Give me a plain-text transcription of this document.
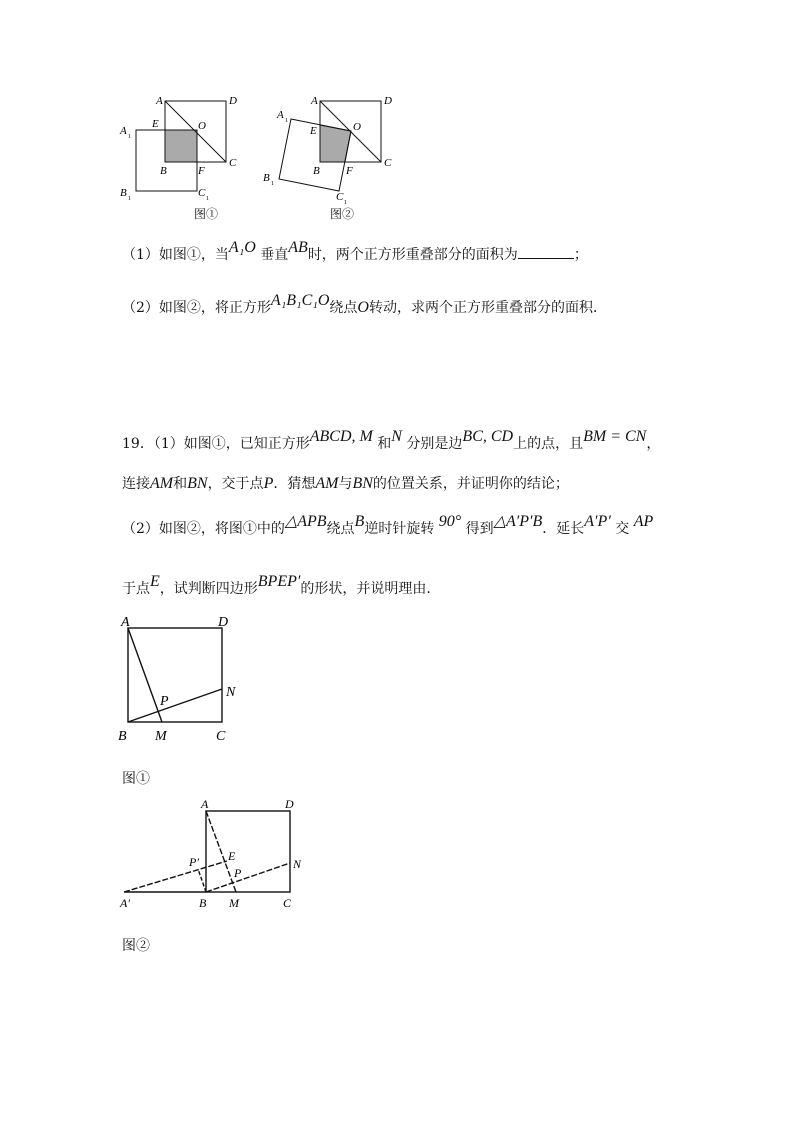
A	D
A 1
E	O
C
B	F
B 1	C 1
图①
A	D
A 1
E	O
C
B F
B 1
C 1
图②
（1）如图①，当A₁O 垂直AB时，两个正方形重叠部分的面积为	；
（2）如图②，将正方形A₁B₁C₁O绕点O转动，求两个正方形重叠部分的面积．
19．（1）如图①，已知正方形ABCD, M 和N 分别是边BC, CD上的点，且BM = CN，
连接AM和BN，交于点P．猜想AM与BN的位置关系，并证明你的结论；
（2）如图②，将图①中的△APB绕点B逆时针旋转 90° 得到△A′P′B．延长A′P′ 交 AP
于点E，试判断四边形BPEP′的形状，并说明理由．
A	D
P
N
B M	C
图①
A	D
P′ E
N
P
A′	B M	C
图②
